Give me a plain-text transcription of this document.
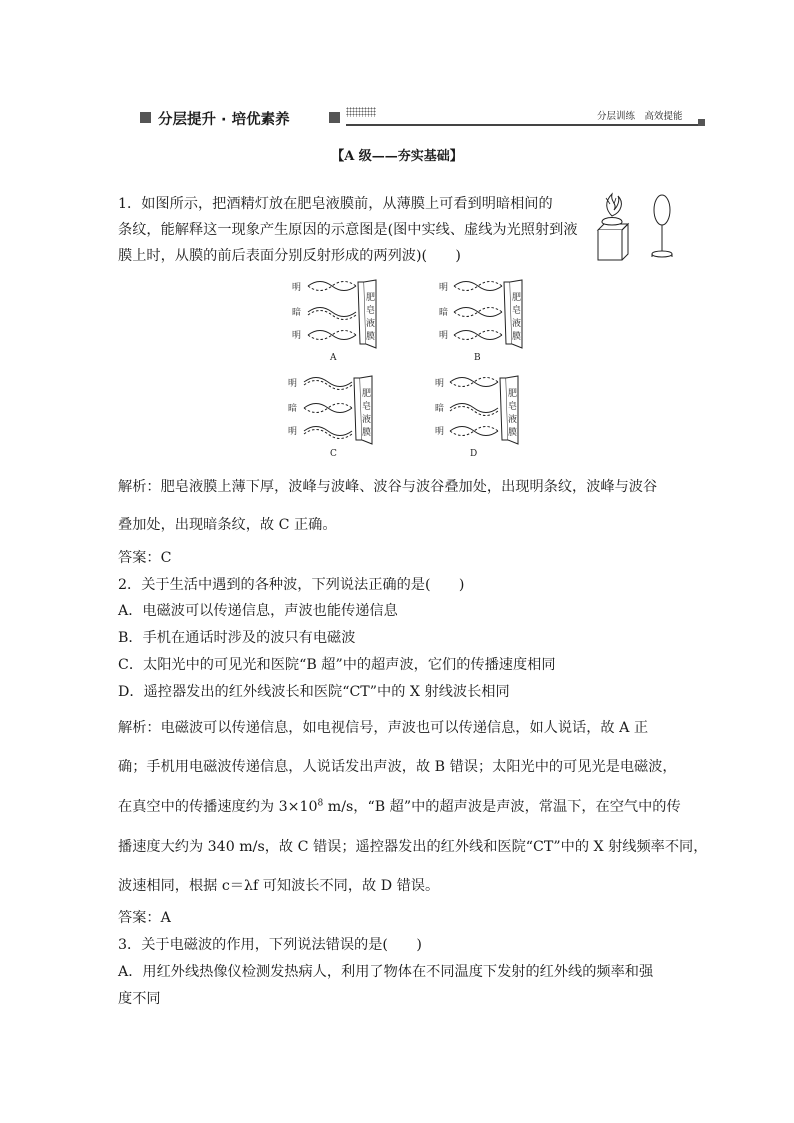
分层提升 · 培优素养	分层训练　高效提能
【A 级——夯实基础】
1．如图所示，把酒精灯放在肥皂液膜前，从薄膜上可看到明暗相间的
条纹，能解释这一现象产生原因的示意图是(图中实线、虚线为光照射到液
膜上时，从膜的前后表面分别反射形成的两列波)(　　)
明
暗
明
肥
皂
液
膜
A
明
暗
明
肥
皂
液
膜
B
明
暗
明
肥
皂
液
膜
C
明
暗
明
肥
皂
液
膜
D
解析：肥皂液膜上薄下厚，波峰与波峰、波谷与波谷叠加处，出现明条纹，波峰与波谷
叠加处，出现暗条纹，故 C 正确。
答案：C
2．关于生活中遇到的各种波，下列说法正确的是(　　)
A．电磁波可以传递信息，声波也能传递信息
B．手机在通话时涉及的波只有电磁波
C．太阳光中的可见光和医院“B 超”中的超声波，它们的传播速度相同
D．遥控器发出的红外线波长和医院“CT”中的 X 射线波长相同
解析：电磁波可以传递信息，如电视信号，声波也可以传递信息，如人说话，故 A 正
确；手机用电磁波传递信息，人说话发出声波，故 B 错误；太阳光中的可见光是电磁波，
在真空中的传播速度约为 $3\times 10^8$ m/s，“B 超”中的超声波是声波，常温下，在空气中的传
播速度大约为 340 m/s，故 C 错误；遥控器发出的红外线和医院“CT”中的 X 射线频率不同，
波速相同，根据 c＝λf 可知波长不同，故 D 错误。
答案：A
3．关于电磁波的作用，下列说法错误的是(　　)
A．用红外线热像仪检测发热病人，利用了物体在不同温度下发射的红外线的频率和强
度不同
